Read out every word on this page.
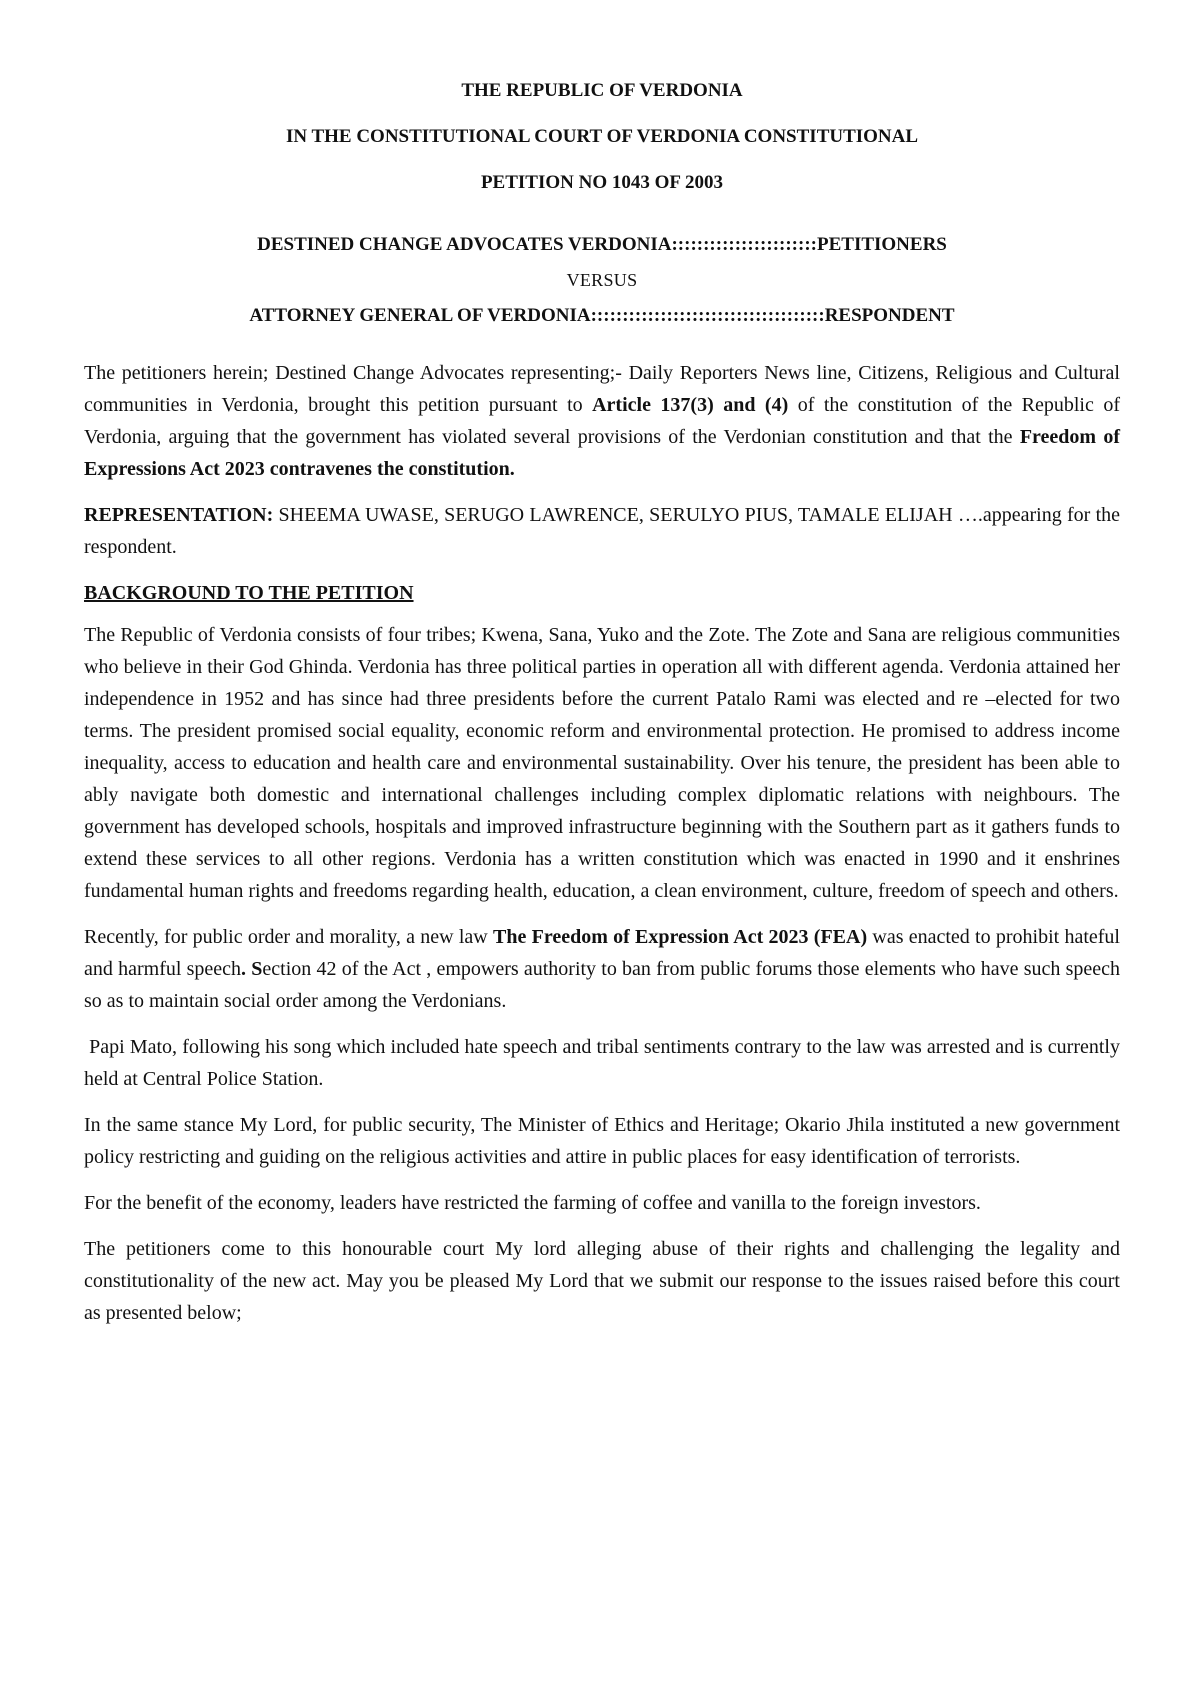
THE REPUBLIC OF VERDONIA
IN THE CONSTITUTIONAL COURT OF VERDONIA CONSTITUTIONAL
PETITION NO 1043 OF 2003
DESTINED CHANGE ADVOCATES VERDONIA:::::::::::::::::::::::PETITIONERS
VERSUS
ATTORNEY GENERAL OF VERDONIA:::::::::::::::::::::::::::::::::::::RESPONDENT

The petitioners herein; Destined Change Advocates representing;- Daily Reporters News line, Citizens, Religious and Cultural communities in Verdonia, brought this petition pursuant to Article 137(3) and (4) of the constitution of the Republic of Verdonia, arguing that the government has violated several provisions of the Verdonian constitution and that the Freedom of Expressions Act 2023 contravenes the constitution.

REPRESENTATION: SHEEMA UWASE, SERUGO LAWRENCE, SERULYO PIUS, TAMALE ELIJAH ….appearing for the respondent.

BACKGROUND TO THE PETITION

The Republic of Verdonia consists of four tribes; Kwena, Sana, Yuko and the Zote. The Zote and Sana are religious communities who believe in their God Ghinda. Verdonia has three political parties in operation all with different agenda. Verdonia attained her independence in 1952 and has since had three presidents before the current Patalo Rami was elected and re –elected for two terms. The president promised social equality, economic reform and environmental protection. He promised to address income inequality, access to education and health care and environmental sustainability. Over his tenure, the president has been able to ably navigate both domestic and international challenges including complex diplomatic relations with neighbours. The government has developed schools, hospitals and improved infrastructure beginning with the Southern part as it gathers funds to extend these services to all other regions. Verdonia has a written constitution which was enacted in 1990 and it enshrines fundamental human rights and freedoms regarding health, education, a clean environment, culture, freedom of speech and others.

Recently, for public order and morality, a new law The Freedom of Expression Act 2023 (FEA) was enacted to prohibit hateful and harmful speech. Section 42 of the Act , empowers authority to ban from public forums those elements who have such speech so as to maintain social order among the Verdonians.

Papi Mato, following his song which included hate speech and tribal sentiments contrary to the law was arrested and is currently held at Central Police Station.

In the same stance My Lord, for public security, The Minister of Ethics and Heritage; Okario Jhila instituted a new government policy restricting and guiding on the religious activities and attire in public places for easy identification of terrorists.

For the benefit of the economy, leaders have restricted the farming of coffee and vanilla to the foreign investors.

The petitioners come to this honourable court My lord alleging abuse of their rights and challenging the legality and constitutionality of the new act. May you be pleased My Lord that we submit our response to the issues raised before this court as presented below;
